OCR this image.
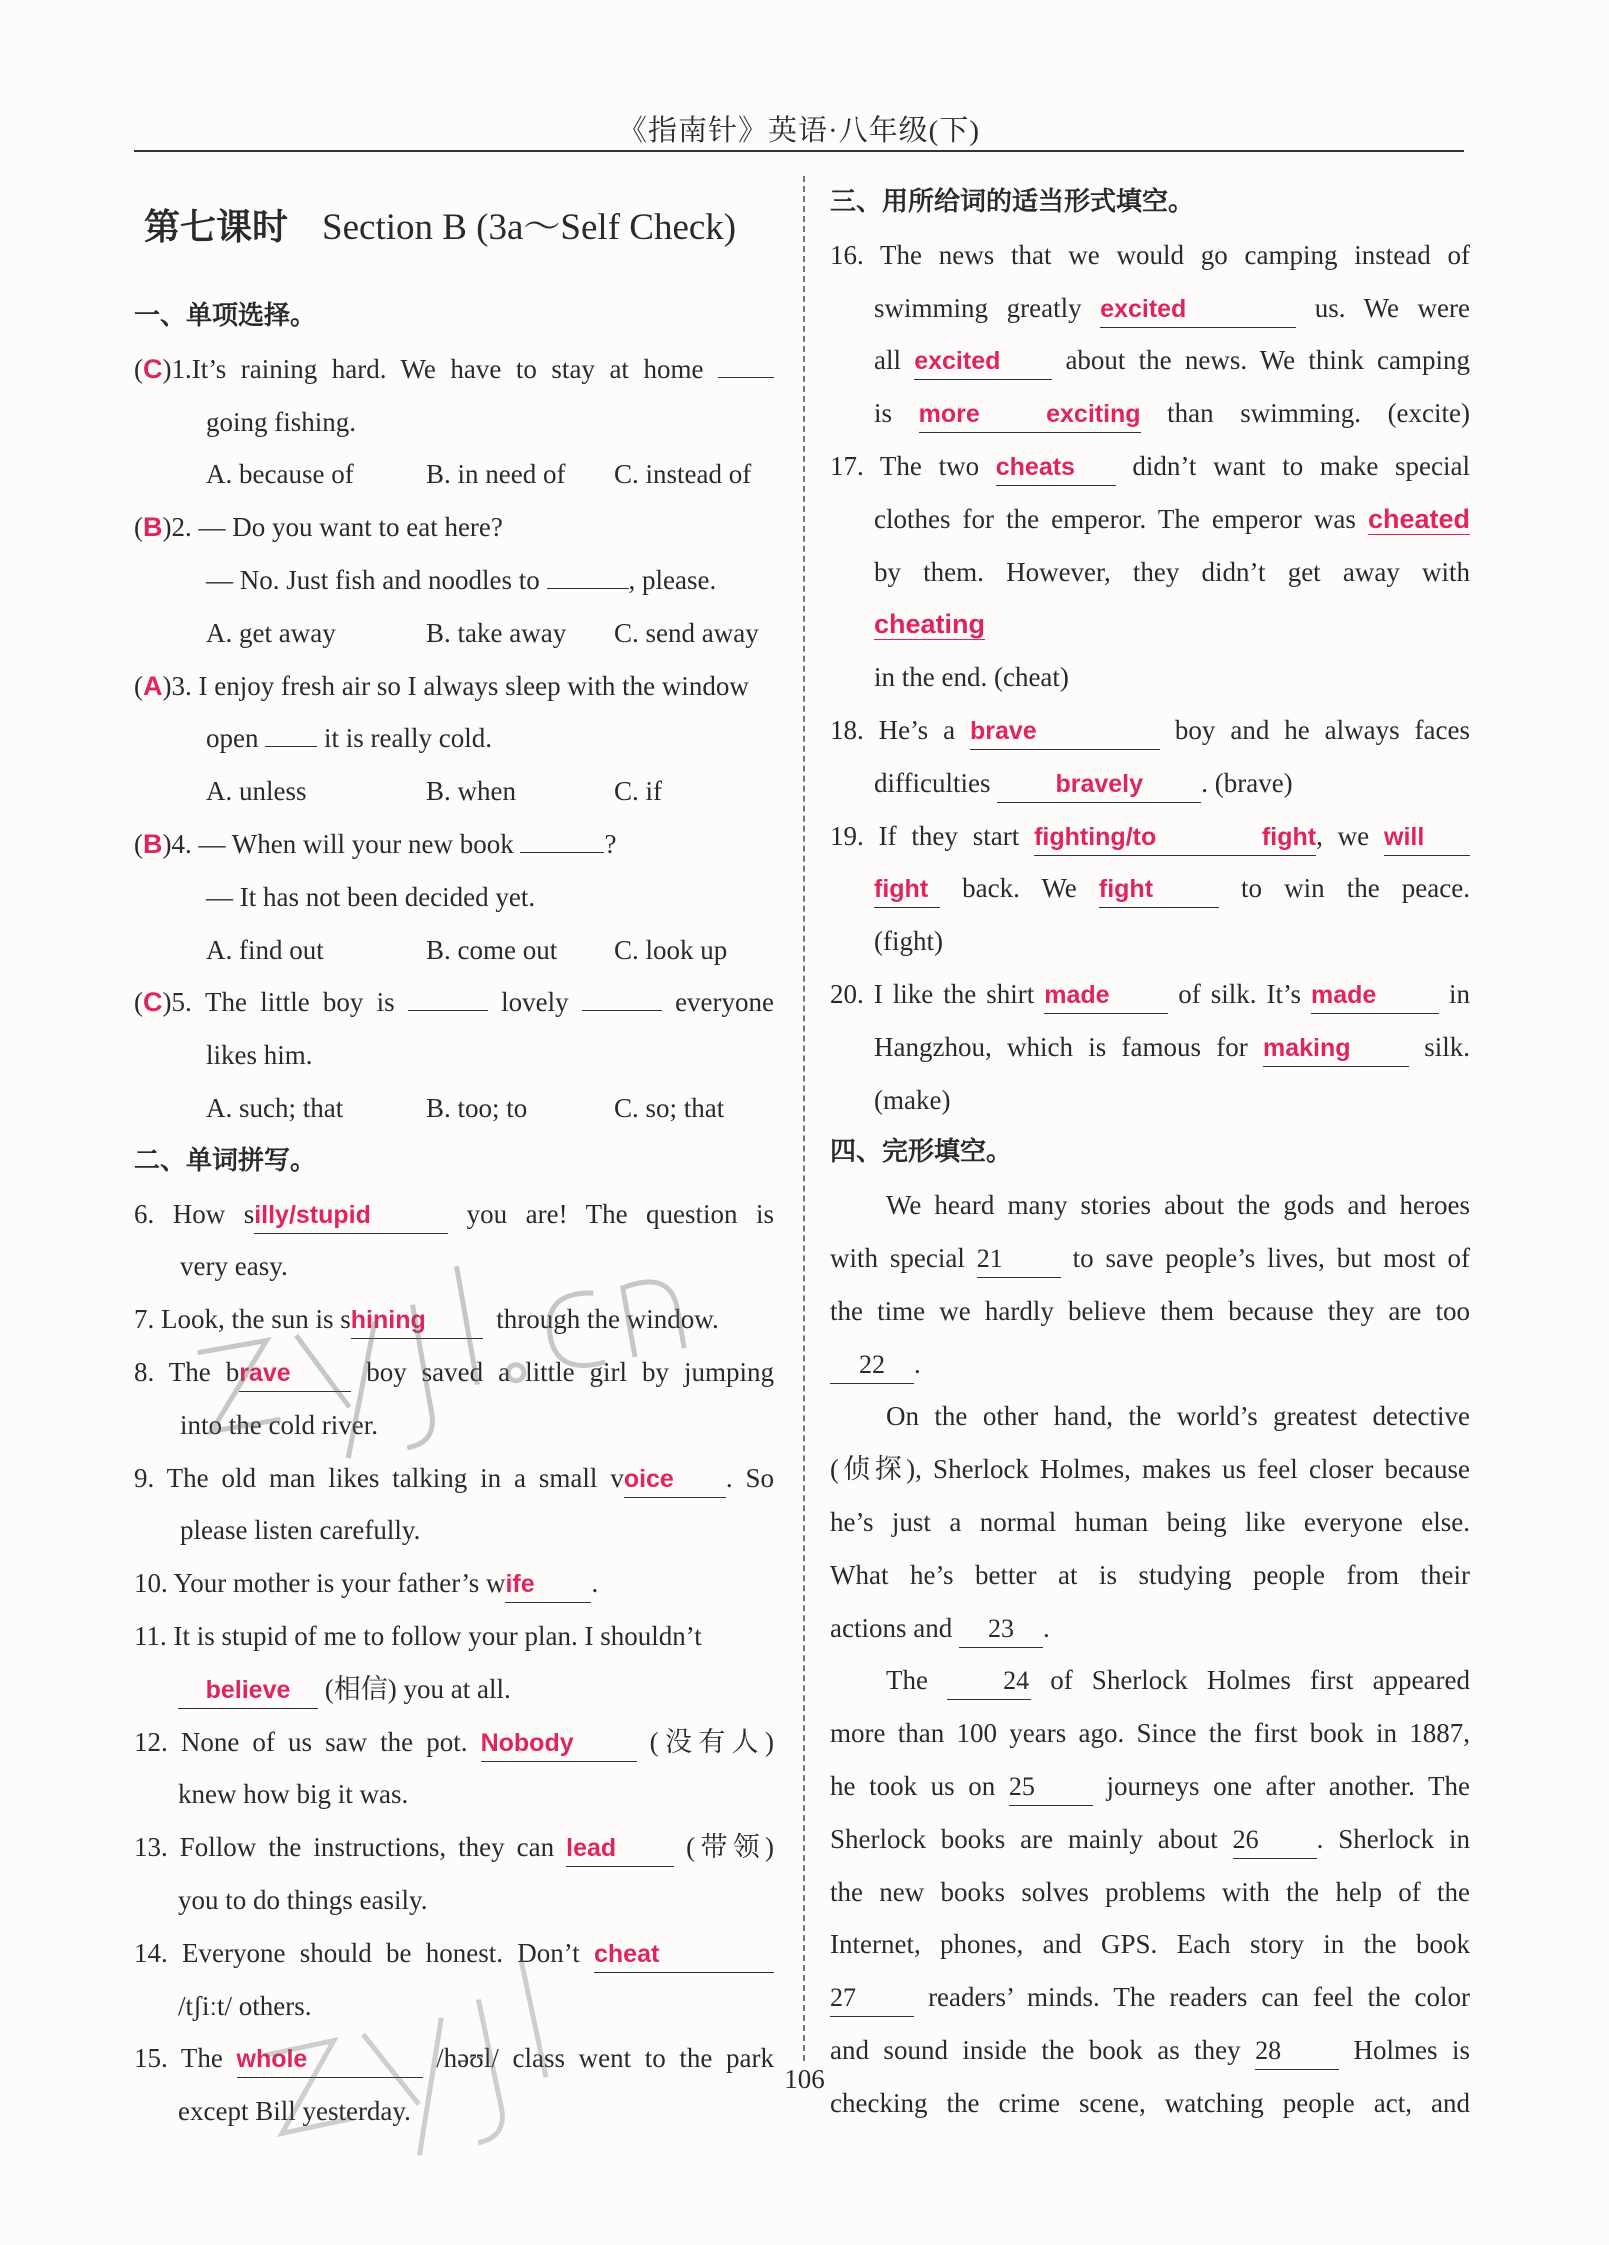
《指南针》英语·八年级(下)
第七课时 Section B (3a～Self Check)
一、单项选择。
(C)1. It’s raining hard. We have to stay at home
going fishing.
A. because of	B. in need of	C. instead of
(B)2. — Do you want to eat here?
— No. Just fish and noodles to	, please.
A. get away	B. take away	C. send away
(A)3. I enjoy fresh air so I always sleep with the window
open it is really cold.
A. unless	B. when	C. if
(B)4. — When will your new book	?
— It has not been decided yet.
A. find out	B. come out	C. look up
(C)5. The little boy is	lovely	everyone
likes him.
A. such; that	B. too; to	C. so; that
二、单词拼写。
6. How silly/stupid	you are! The question is
very easy.
7. Look, the sun is shining	through the window.
8. The brave	boy saved a little girl by jumping
into the cold river.
9. The old man likes talking in a small voice . So
please listen carefully.
10. Your mother is your father’s wife .
11. It is stupid of me to follow your plan. I shouldn’t
believe (相信) you at all.
12. None of us saw the pot. Nobody	(没有人)
knew how big it was.
13. Follow the instructions, they can lead	(带领)
you to do things easily.
14. Everyone should be honest. Don’t cheat
/tʃiːt/ others.
15. The whole	/həʊl/ class went to the park
except Bill yesterday.
三、用所给词的适当形式填空。
16. The news that we would go camping instead of
swimming greatly excited	us. We were
all excited about the news. We think camping
is more exciting than swimming. (excite)
17. The two cheats didn’t want to make special
clothes for the emperor. The emperor was cheated
by them. However, they didn’t get away with cheating
in the end. (cheat)
18. He’s a brave	boy and he always faces
difficulties	bravely . (brave)
19. If they start fighting/to fight, we will
fight back. We fight	to win the peace.
(fight)
20. I like the shirt made	of silk. It’s made	in
Hangzhou, which is famous for making	silk.
(make)
四、完形填空。
We heard many stories about the gods and heroes
with special 21	to save people’s lives, but most of
the time we hardly believe them because they are too
22 .
On the other hand, the world’s greatest detective
(侦探), Sherlock Holmes, makes us feel closer because
he’s just a normal human being like everyone else.
What he’s better at is studying people from their
actions and 23 .
The	24 of Sherlock Holmes first appeared
more than 100 years ago. Since the first book in 1887,
he took us on 25	journeys one after another. The
Sherlock books are mainly about 26 . Sherlock in
the new books solves problems with the help of the
Internet, phones, and GPS. Each story in the book
27	readers’ minds. The readers can feel the color
and sound inside the book as they 28	Holmes is
checking the crime scene, watching people act, and
106
